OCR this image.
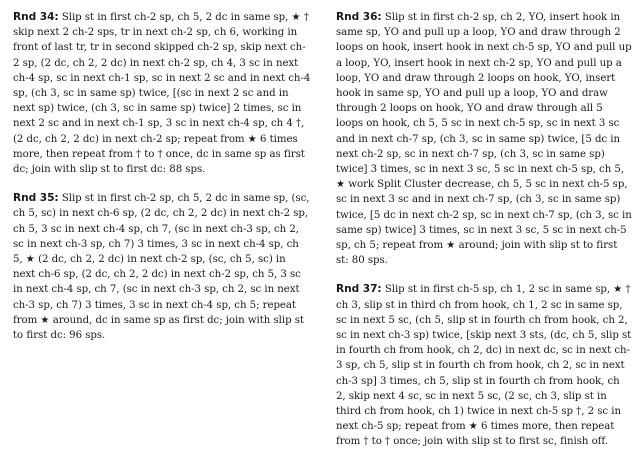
Rnd 34: Slip st in first ch-2 sp, ch 5, 2 dc in same sp, ★ † skip next 2 ch-2 sps, tr in next ch-2 sp, ch 6, working in front of last tr, tr in second skipped ch-2 sp, skip next ch-2 sp, (2 dc, ch 2, 2 dc) in next ch-2 sp, ch 4, 3 sc in next ch-4 sp, sc in next ch-1 sp, sc in next 2 sc and in next ch-4 sp, (ch 3, sc in same sp) twice, [(sc in next 2 sc and in next sp) twice, (ch 3, sc in same sp) twice] 2 times, sc in next 2 sc and in next ch-1 sp, 3 sc in next ch-4 sp, ch 4 †, (2 dc, ch 2, 2 dc) in next ch-2 sp; repeat from ★ 6 times more, then repeat from † to † once, dc in same sp as first dc; join with slip st to first dc: 88 sps.

Rnd 35: Slip st in first ch-2 sp, ch 5, 2 dc in same sp, (sc, ch 5, sc) in next ch-6 sp, (2 dc, ch 2, 2 dc) in next ch-2 sp, ch 5, 3 sc in next ch-4 sp, ch 7, (sc in next ch-3 sp, ch 2, sc in next ch-3 sp, ch 7) 3 times, 3 sc in next ch-4 sp, ch 5, ★ (2 dc, ch 2, 2 dc) in next ch-2 sp, (sc, ch 5, sc) in next ch-6 sp, (2 dc, ch 2, 2 dc) in next ch-2 sp, ch 5, 3 sc in next ch-4 sp, ch 7, (sc in next ch-3 sp, ch 2, sc in next ch-3 sp, ch 7) 3 times, 3 sc in next ch-4 sp, ch 5; repeat from ★ around, dc in same sp as first dc; join with slip st to first dc: 96 sps.

Rnd 36: Slip st in first ch-2 sp, ch 2, YO, insert hook in same sp, YO and pull up a loop, YO and draw through 2 loops on hook, insert hook in next ch-5 sp, YO and pull up a loop, YO, insert hook in next ch-2 sp, YO and pull up a loop, YO and draw through 2 loops on hook, YO, insert hook in same sp, YO and pull up a loop, YO and draw through 2 loops on hook, YO and draw through all 5 loops on hook, ch 5, 5 sc in next ch-5 sp, sc in next 3 sc and in next ch-7 sp, (ch 3, sc in same sp) twice, [5 dc in next ch-2 sp, sc in next ch-7 sp, (ch 3, sc in same sp) twice] 3 times, sc in next 3 sc, 5 sc in next ch-5 sp, ch 5, ★ work Split Cluster decrease, ch 5, 5 sc in next ch-5 sp, sc in next 3 sc and in next ch-7 sp, (ch 3, sc in same sp) twice, [5 dc in next ch-2 sp, sc in next ch-7 sp, (ch 3, sc in same sp) twice] 3 times, sc in next 3 sc, 5 sc in next ch-5 sp, ch 5; repeat from ★ around; join with slip st to first st: 80 sps.

Rnd 37: Slip st in first ch-5 sp, ch 1, 2 sc in same sp, ★ † ch 3, slip st in third ch from hook, ch 1, 2 sc in same sp, sc in next 5 sc, (ch 5, slip st in fourth ch from hook, ch 2, sc in next ch-3 sp) twice, [skip next 3 sts, (dc, ch 5, slip st in fourth ch from hook, ch 2, dc) in next dc, sc in next ch-3 sp, ch 5, slip st in fourth ch from hook, ch 2, sc in next ch-3 sp] 3 times, ch 5, slip st in fourth ch from hook, ch 2, skip next 4 sc, sc in next 5 sc, (2 sc, ch 3, slip st in third ch from hook, ch 1) twice in next ch-5 sp †, 2 sc in next ch-5 sp; repeat from ★ 6 times more, then repeat from † to † once; join with slip st to first sc, finish off.
